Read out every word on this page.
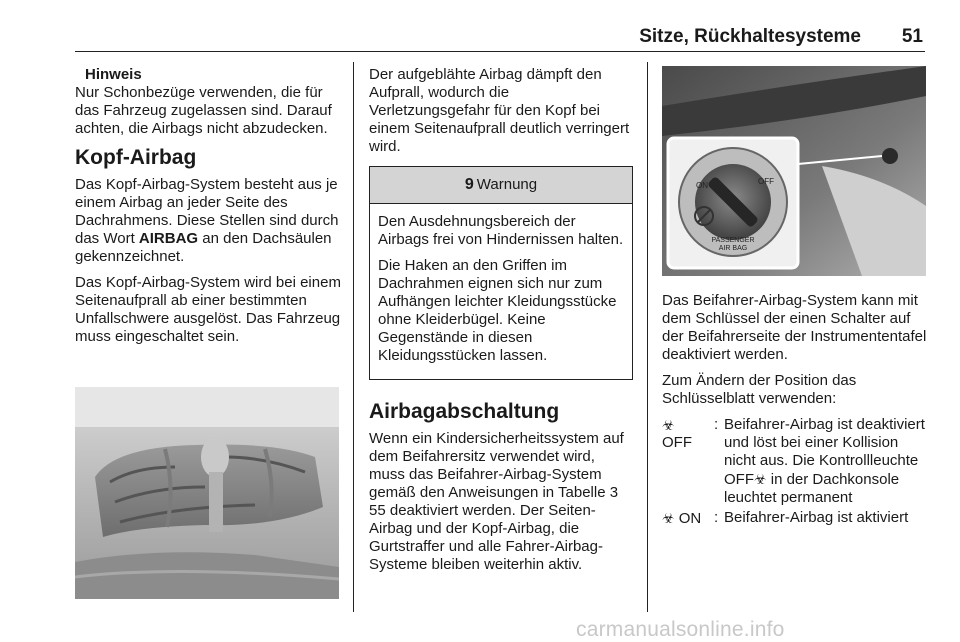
Sitze, Rückhaltesysteme 51
Hinweis

Nur Schonbezüge verwenden, die für das Fahrzeug zugelassen sind. Darauf achten, die Airbags nicht abzudecken.

Kopf-Airbag

Das Kopf-Airbag-System besteht aus je einem Airbag an jeder Seite des Dachrahmens. Diese Stellen sind durch das Wort AIRBAG an den Dachsäulen gekennzeichnet.

Das Kopf-Airbag-System wird bei einem Seitenaufprall ab einer bestimmten Unfallschwere ausgelöst. Das Fahrzeug muss eingeschaltet sein.

Der aufgeblähte Airbag dämpft den Aufprall, wodurch die Verletzungsgefahr für den Kopf bei einem Seitenaufprall deutlich verringert wird.

9 Warnung

Den Ausdehnungsbereich der Airbags frei von Hindernissen halten.

Die Haken an den Griffen im Dachrahmen eignen sich nur zum Aufhängen leichter Kleidungsstücke ohne Kleiderbügel. Keine Gegenstände in diesen Kleidungsstücken lassen.

Airbagabschaltung

Wenn ein Kindersicherheitssystem auf dem Beifahrersitz verwendet wird, muss das Beifahrer-Airbag-System gemäß den Anweisungen in Tabelle 3 55 deaktiviert werden. Der Seiten-Airbag und der Kopf-Airbag, die Gurtstraffer und alle Fahrer-Airbag-Systeme bleiben weiterhin aktiv.

ON	OFF
PASSENGER
AIR BAG

Das Beifahrer-Airbag-System kann mit dem Schlüssel der einen Schalter auf der Beifahrerseite der Instrumententafel deaktiviert werden.

Zum Ändern der Position das Schlüsselblatt verwenden:

☣
OFF
: Beifahrer-Airbag ist deaktiviert und löst bei einer Kollision nicht aus. Die Kontrollleuchte OFF☣ in der Dachkonsole leuchtet permanent
☣ ON : Beifahrer-Airbag ist aktiviert
carmanualsonline.info
